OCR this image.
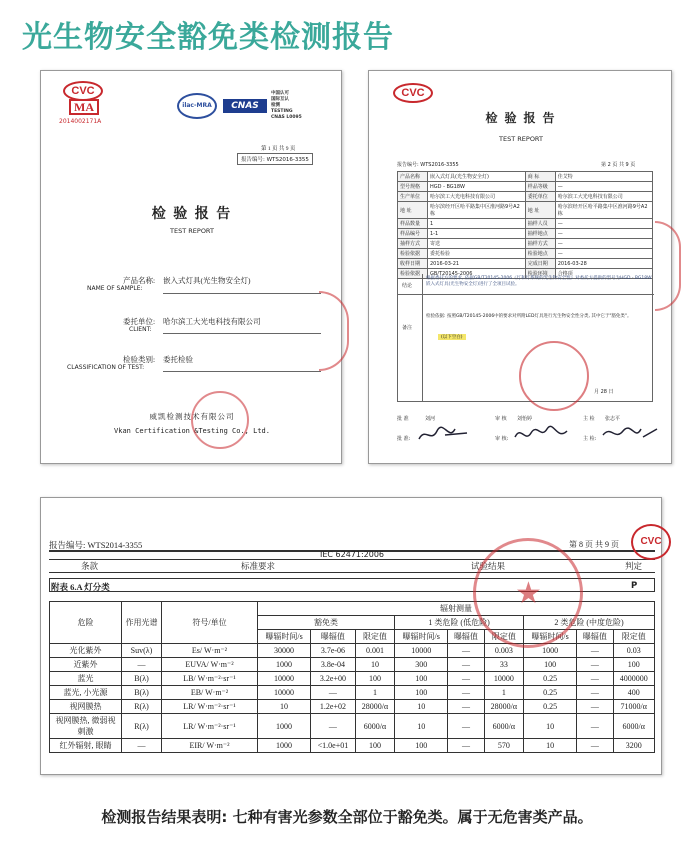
光生物安全豁免类检测报告
CVC
MA
2014002171A
ilac-MRA	CNAS
中国认可
国际互认
检测
TESTING
CNAS L0095
第 1 页 共 9 页
报告编号: WTS2016-3355
检 验 报 告
TEST REPORT
产品名称:
NAME OF SAMPLE:
嵌入式灯具(光生物安全灯)
委托单位:
CLIENT:
哈尔滨工大光电科技有限公司
检验类别:
CLASSIFICATION OF TEST:
委托检验
威凯检测技术有限公司
Vkan Certification &Testing Co., Ltd.
CVC
检 验 报 告
TEST REPORT
报告编号: WTS2016-3355	第 2 页 共 9 页
产品名称	嵌入式灯具(光生物安全灯)	商 标	佳艾特
型号规格	HGD - BG18W	样品等级	—
生产单位	哈尔滨工大光电科技有限公司	委托单位	哈尔滨工大光电科技有限公司
地 址	哈尔滨经开区哈平路集中区淮河路9号A2栋	地 址	哈尔滨经开区哈平路集中区淮河路9号A2栋
样品数量	1	抽样人员	—
样品编号	1-1	抽样地点	—
抽样方式	寄送	抽样方式	—
检验依据	委托检验	检验地点	—
收样日期	2016-03-21	完成日期	2016-03-28
检验依据	GB/T20145-2006	检验环境	合格项
结论
根据委托方的要求, 依据GB/T20145-2006《灯和灯系统的光生物安全性》对委托方提供的型号为HGD - BG18W嵌入式灯具(光生物安全灯)进行了全项目试验。
备注
检验依据: 按照GB/T20145-2006中的要求对所附LED灯具进行光生物安全性分类, 其中它于"豁免类"。
(以下空白)
月 28 日
批 准	刘河	审 核 刘怡婷	主 检 张志平
批 准:	审 核:	主 检:
报告编号: WTS2014-3355	第 8 页 共 9 页
IEC 62471:2006
条款	标准要求	试验结果	判定
附表 6.A 灯分类	P
危险	作用光谱	符号/单位	辐射测量								
			豁免类			1 类危险 (低危险)			2 类危险 (中度危险)		
			曝辐时间/s	曝辐值	限定值	曝辐时间/s	曝辐值	限定值	曝辐时间/s	曝辐值	限定值
光化紫外	Suv(λ)	Es/ W·m⁻²	30000	3.7e-06	0.001	10000	—	0.003	1000	—	0.03
近紫外	—	EUVA/ W·m⁻²	1000	3.8e-04	10	300	—	33	100	—	100
蓝光	B(λ)	LB/ W·m⁻²·sr⁻¹	10000	3.2e+00	100	100	—	10000	0.25	—	4000000
蓝光, 小光源	B(λ)	EB/ W·m⁻²	10000	—	1	100	—	1	0.25	—	400
视网膜热	R(λ)	LR/ W·m⁻²·sr⁻¹	10	1.2e+02	28000/α	10	—	28000/α	0.25	—	71000/α
视网膜热, 微弱视刺激	R(λ)	LR/ W·m⁻²·sr⁻¹	1000	—	6000/α	10	—	6000/α	10	—	6000/α
红外辐射, 眼睛	—	EIR/ W·m⁻²	1000	<1.0e+01	100	100	—	570	10	—	3200
CVC
★
检测报告结果表明: 七种有害光参数全部位于豁免类。属于无危害类产品。
